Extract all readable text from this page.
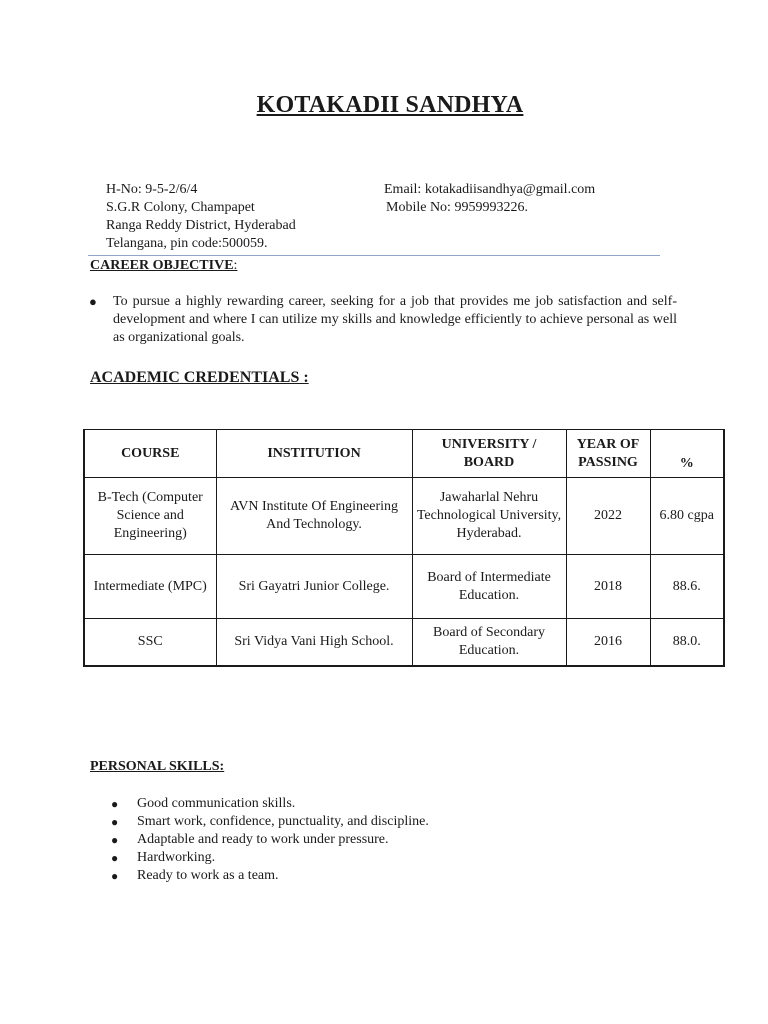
KOTAKADII SANDHYA
H-No: 9-5-2/6/4
S.G.R Colony, Champapet
Ranga Reddy District, Hyderabad
Telangana, pin code:500059.
Email: kotakadiisandhya@gmail.com
Mobile No: 9959993226.
CAREER OBJECTIVE:
● To pursue a highly rewarding career, seeking for a job that provides me job satisfaction and self-development and where I can utilize my skills and knowledge efficiently to achieve personal as well as organizational goals.
ACADEMIC CREDENTIALS :
COURSE	INSTITUTION	UNIVERSITY / BOARD	YEAR OF PASSING	%
B-Tech (Computer Science and Engineering)	AVN Institute Of Engineering And Technology.	Jawaharlal Nehru Technological University, Hyderabad.	2022	6.80 cgpa
Intermediate (MPC)	Sri Gayatri Junior College.	Board of Intermediate Education.	2018	88.6.
SSC	Sri Vidya Vani High School.	Board of Secondary Education.	2016	88.0.
PERSONAL SKILLS:
● Good communication skills.
● Smart work, confidence, punctuality, and discipline.
● Adaptable and ready to work under pressure.
● Hardworking.
● Ready to work as a team.
